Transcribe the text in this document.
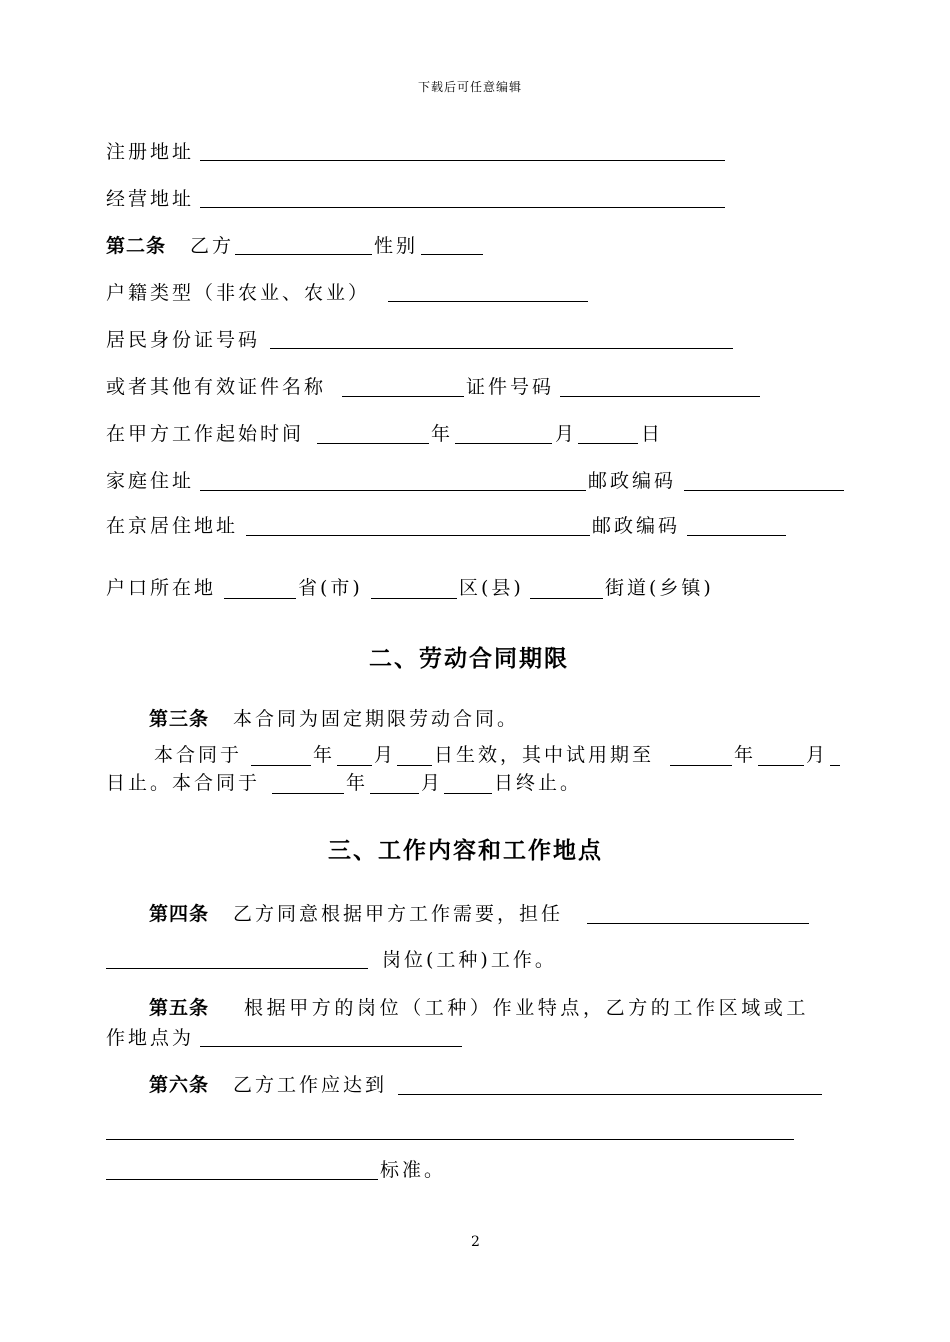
下载后可任意编辑
注册地址
经营地址
第二条 乙方	性别
户籍类型（非农业、农业）
居民身份证号码
或者其他有效证件名称	证件号码
在甲方工作起始时间	年	月	日
家庭住址	邮政编码
在京居住地址	邮政编码
户口所在地	省(市)	区(县)	街道(乡镇)
二、劳动合同期限
第三条 本合同为固定期限劳动合同。
本合同于	年 月 日生效，其中试用期至	年	月
日止。本合同于	年	月	日终止。
三、工作内容和工作地点
第四条 乙方同意根据甲方工作需要，担任
岗位(工种)工作。
第五条 根据甲方的岗位（工种）作业特点，乙方的工作区域或工
作地点为
第六条 乙方工作应达到
标准。
2
